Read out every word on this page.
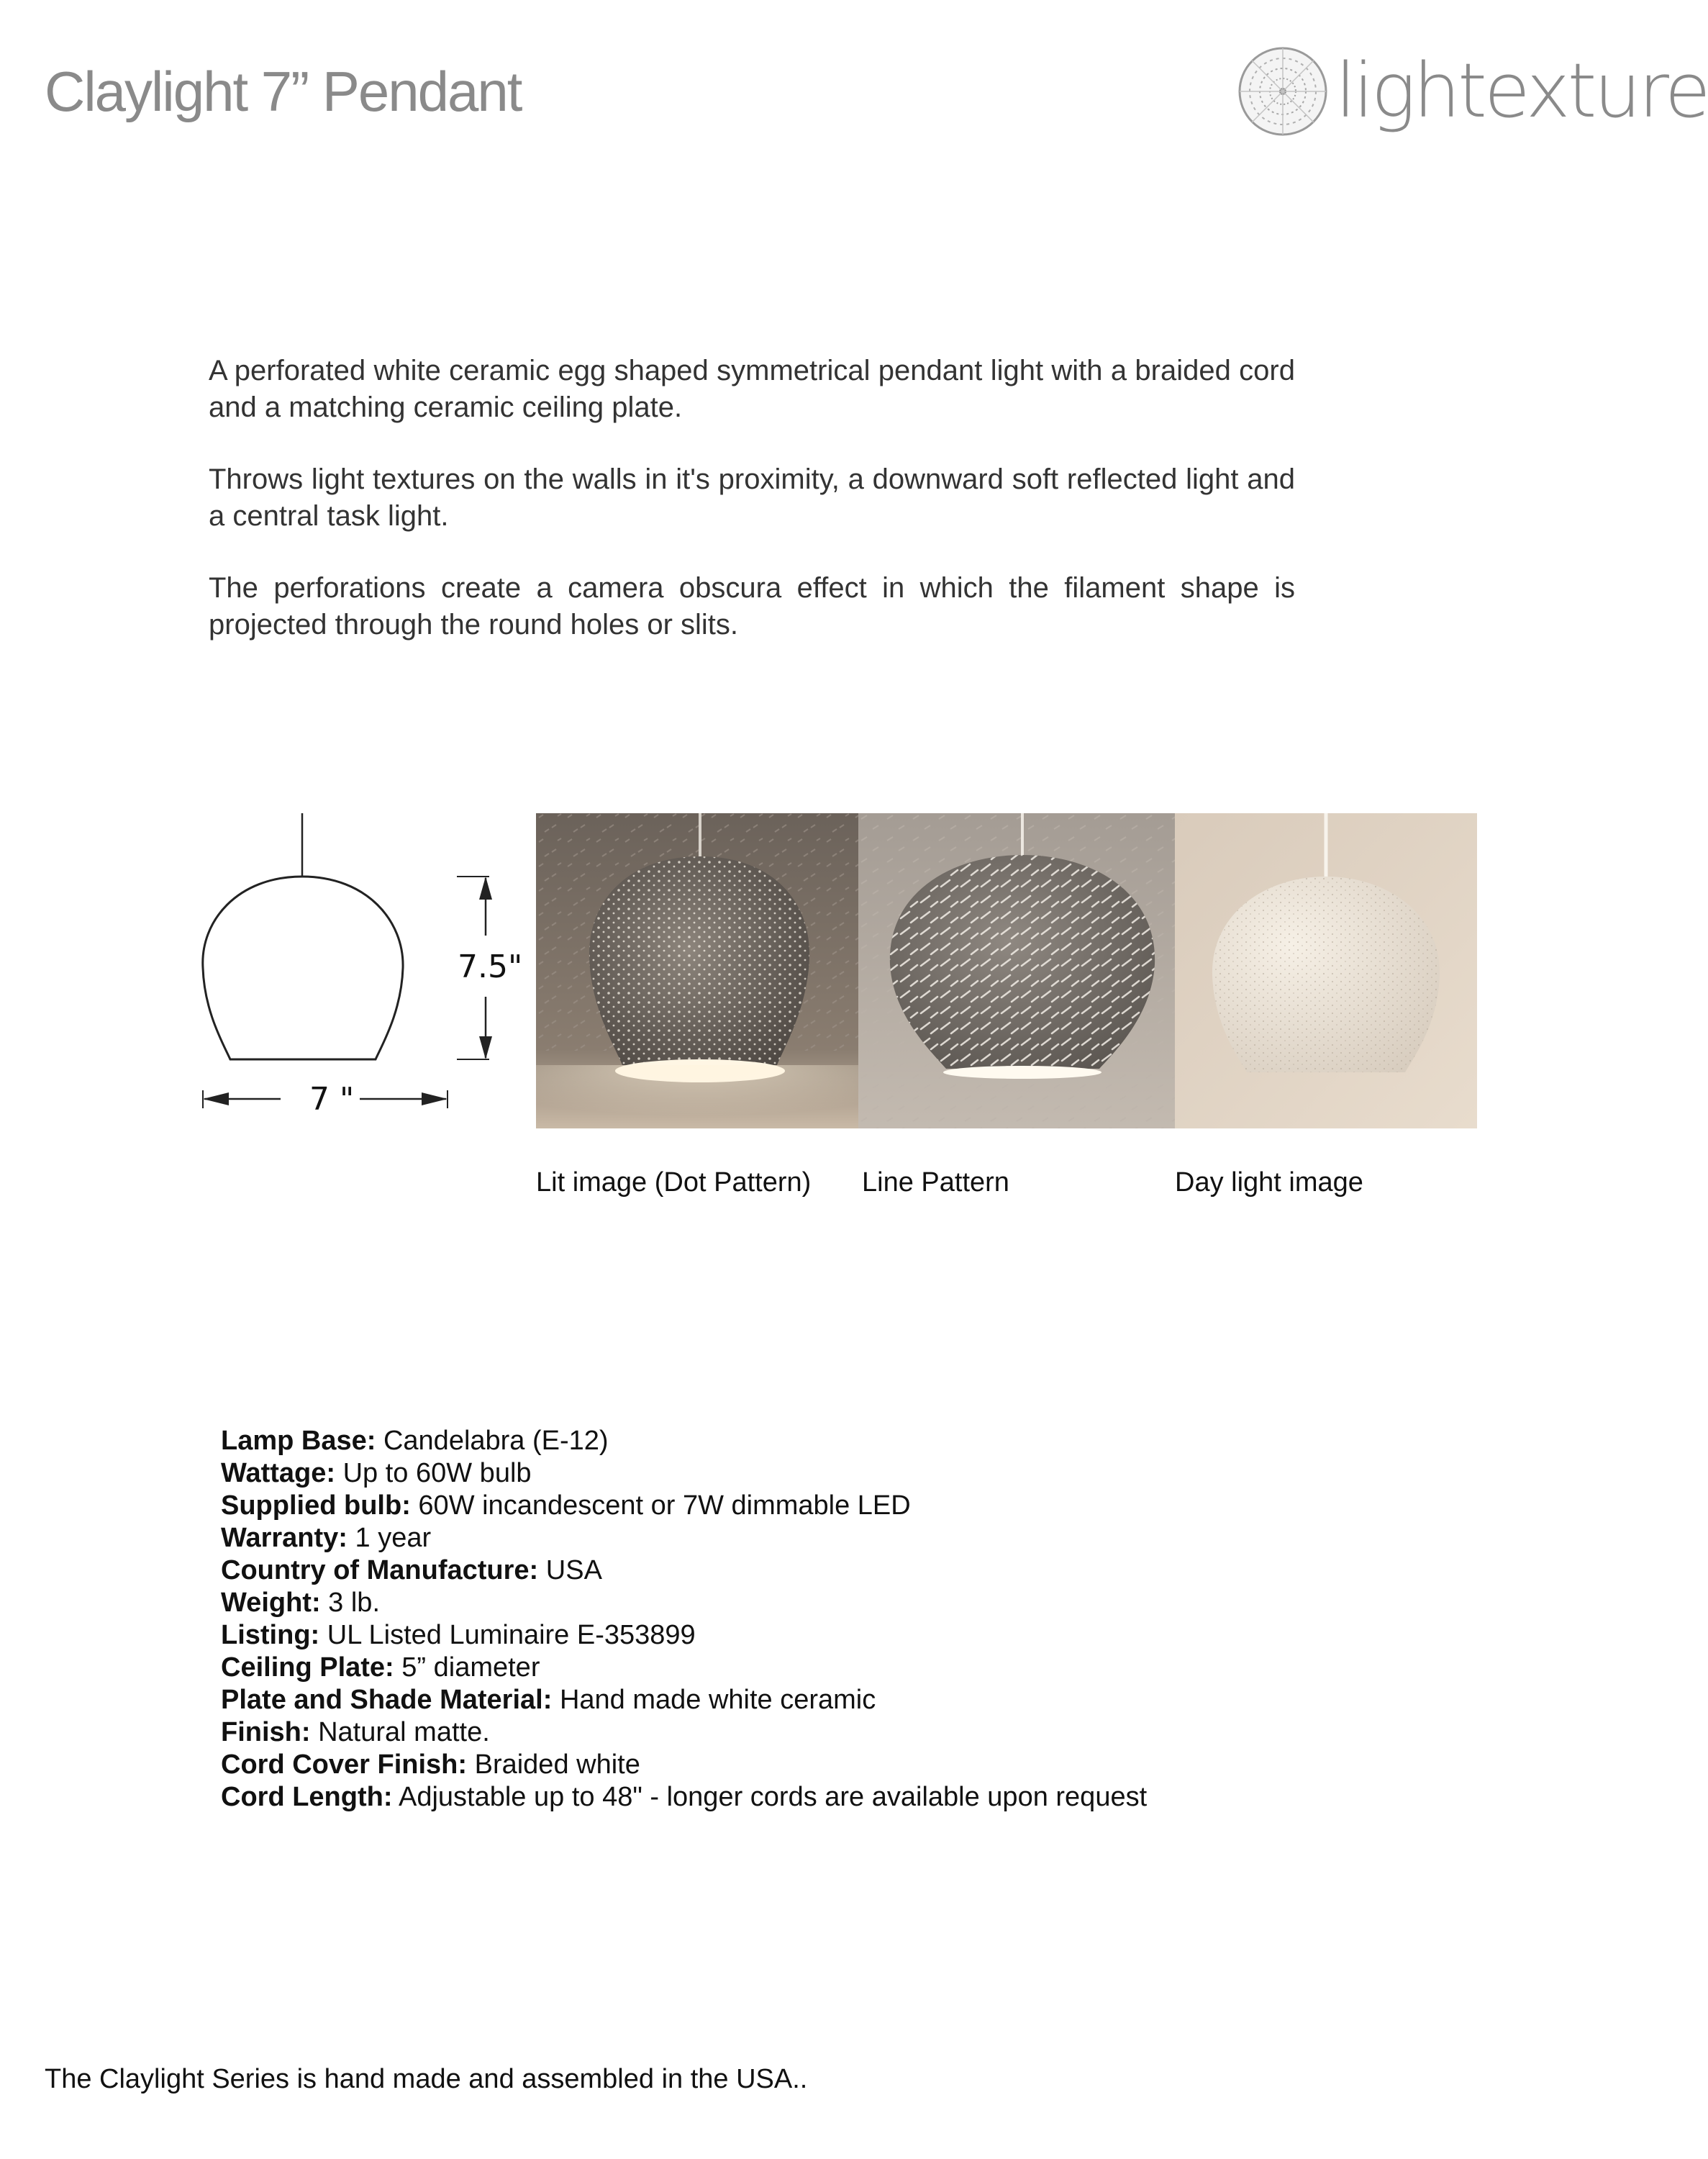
Claylight 7” Pendant	lightexture

A perforated white ceramic egg shaped symmetrical pendant light with a braided cord and a matching ceramic ceiling plate.

Throws light textures on the walls in it's proximity, a downward soft reflected light and a central task light.

The perforations create a camera obscura effect in which the filament shape is projected through the round holes or slits.

7.5"
7 "
Lit image (Dot Pattern) Line Pattern	Day light image
Lamp Base: Candelabra (E-12)
Wattage: Up to 60W bulb
Supplied bulb: 60W incandescent or 7W dimmable LED
Warranty: 1 year
Country of Manufacture: USA
Weight: 3 lb.
Listing: UL Listed Luminaire E-353899
Ceiling Plate: 5” diameter
Plate and Shade Material: Hand made white ceramic
Finish: Natural matte.
Cord Cover Finish: Braided white
Cord Length: Adjustable up to 48" - longer cords are available upon request
The Claylight Series is hand made and assembled in the USA..
